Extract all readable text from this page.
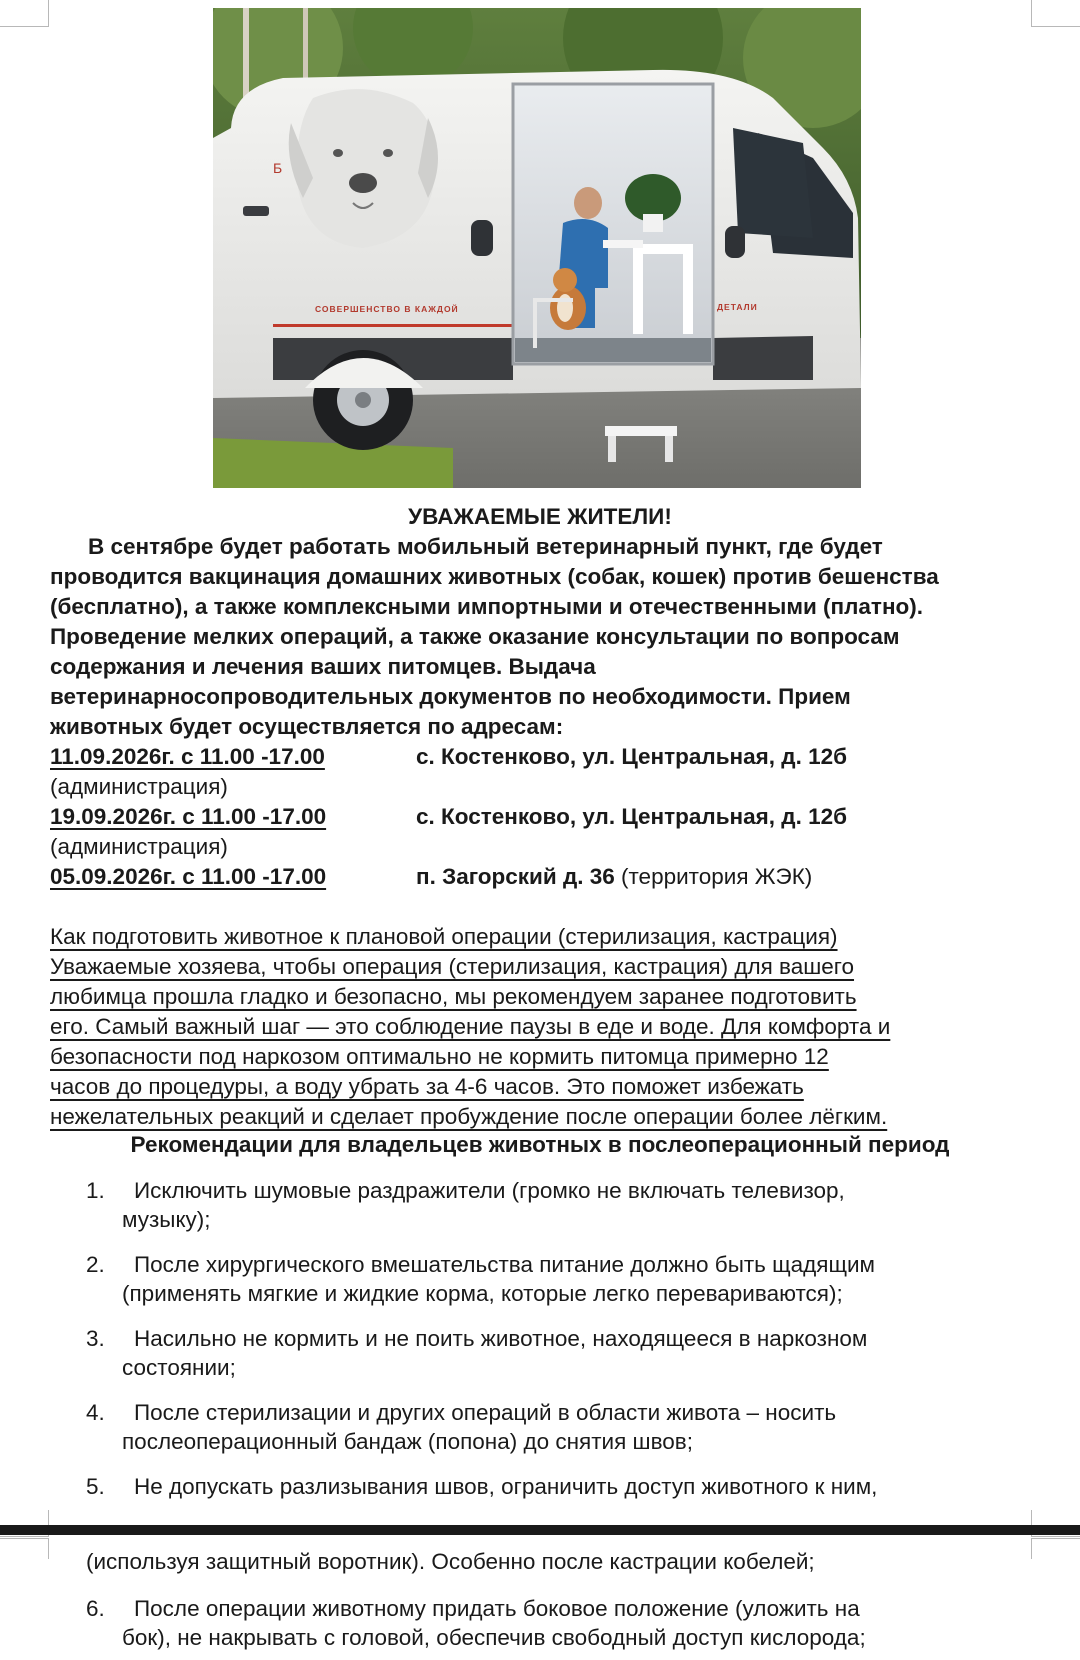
СОВЕРШЕНСТВО В КАЖДОЙ	ДЕТАЛИ
Б
УВАЖАЕМЫЕ ЖИТЕЛИ!

В сентябре будет работать мобильный ветеринарный пункт, где будет

проводится вакцинация домашних животных (собак, кошек) против бешенства
(бесплатно), а также комплексными импортными и отечественными (платно).
Проведение мелких операций, а также оказание консультации по вопросам
содержания и лечения ваших питомцев. Выдача
ветеринарносопроводительных документов по необходимости. Прием
животных будет осуществляется по адресам:
11.09.2026г. с 11.00 -17.00	с. Костенково, ул. Центральная, д. 12б
(администрация)
19.09.2026г. с 11.00 -17.00	с. Костенково, ул. Центральная, д. 12б
(администрация)
05.09.2026г. с 11.00 -17.00	п. Загорский д. 36 (территория ЖЭК)
Как подготовить животное к плановой операции (стерилизация, кастрация)
Уважаемые хозяева, чтобы операция (стерилизация, кастрация) для вашего
любимца прошла гладко и безопасно, мы рекомендуем заранее подготовить
его. Самый важный шаг — это соблюдение паузы в еде и воде. Для комфорта и
безопасности под наркозом оптимально не кормить питомца примерно 12
часов до процедуры, а воду убрать за 4-6 часов. Это поможет избежать
нежелательных реакций и сделает пробуждение после операции более лёгким.
Рекомендации для владельцев животных в послеоперационный период
1. Исключить шумовые раздражители (громко не включать телевизор,
музыку);
2. После хирургического вмешательства питание должно быть щадящим
(применять мягкие и жидкие корма, которые легко перевариваются);
3. Насильно не кормить и не поить животное, находящееся в наркозном
состоянии;
4. После стерилизации и других операций в области живота – носить
послеоперационный бандаж (попона) до снятия швов;
5. Не допускать разлизывания швов, ограничить доступ животного к ним,
(используя защитный воротник). Особенно после кастрации кобелей;
6. После операции животному придать боковое положение (уложить на
бок), не накрывать с головой, обеспечив свободный доступ кислорода;
